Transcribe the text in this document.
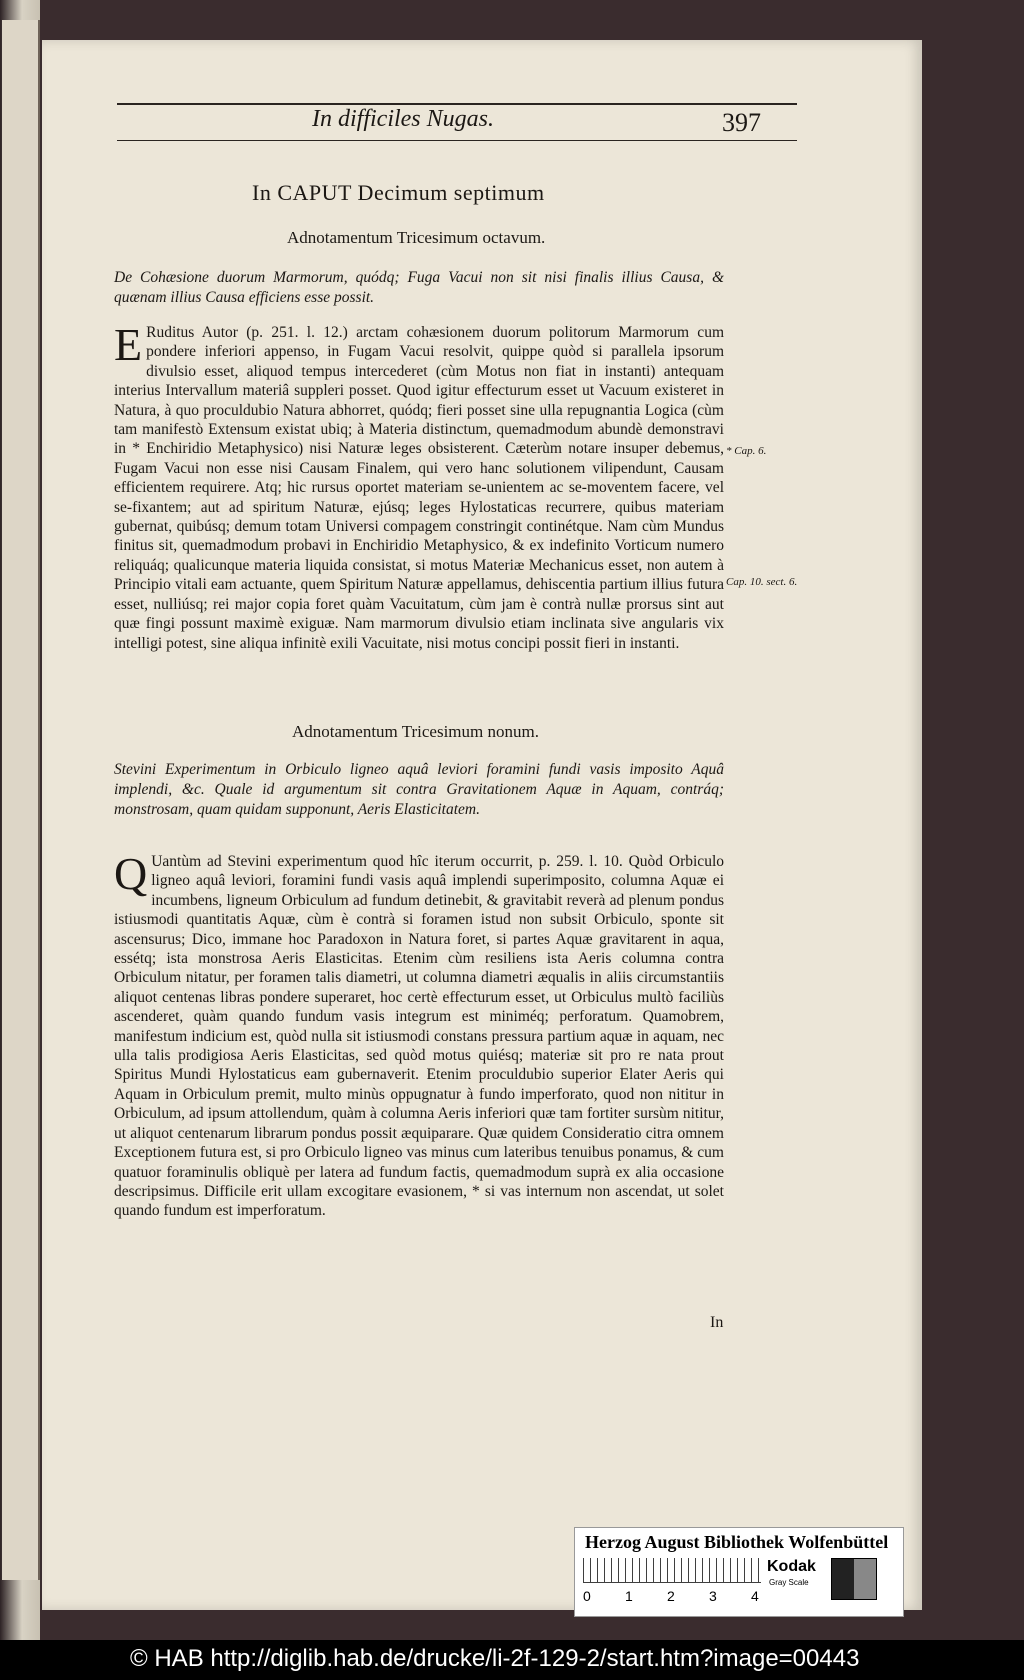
In difficiles Nugas.	397
In CAPUT Decimum septimum
Adnotamentum Tricesimum octavum.
De Cohæsione duorum Marmorum, quódq; Fuga Vacui non sit nisi finalis illius Causa, & quænam illius Causa efficiens esse possit.
E Ruditus Autor (p. 251. l. 12.) arctam cohæsionem duorum politorum Marmorum cum pondere inferiori appenso, in Fugam Vacui resolvit, quippe quòd si parallela ipsorum divulsio esset, aliquod tempus intercederet (cùm Motus non fiat in instanti) antequam interius Intervallum materiâ suppleri posset. Quod igitur effecturum esset ut Vacuum existeret in Natura, à quo proculdubio Natura abhorret, quódq; fieri posset sine ulla repugnantia Logica (cùm tam manifestò Extensum existat ubiq; à Materia distinctum, quemadmodum abundè demonstravi in * Enchiridio Metaphysico) nisi Naturæ leges obsisterent. Cæterùm notare insuper debemus, Fugam Vacui non esse nisi Causam Finalem, qui vero hanc solutionem vilipendunt, Causam efficientem requirere. Atq; hic rursus oportet materiam se-unientem ac se-moventem facere, vel se-fixantem; aut ad spiritum Naturæ, ejúsq; leges Hylostaticas recurrere, quibus materiam gubernat, quibúsq; demum totam Universi compagem constringit continétque. Nam cùm Mundus finitus sit, quemadmodum probavi in Enchiridio Metaphysico, & ex indefinito Vorticum numero reliquáq; qualicunque materia liquida consistat, si motus Materiæ Mechanicus esset, non autem à Principio vitali eam actuante, quem Spiritum Naturæ appellamus, dehiscentia partium illius futura esset, nulliúsq; rei major copia foret quàm Vacuitatum, cùm jam è contrà nullæ prorsus sint aut quæ fingi possunt maximè exiguæ. Nam marmorum divulsio etiam inclinata sive angularis vix intelligi potest, sine aliqua infinitè exili Vacuitate, nisi motus concipi possit fieri in instanti.
* Cap. 6.
Cap. 10. sect. 6.
Adnotamentum Tricesimum nonum.
Stevini Experimentum in Orbiculo ligneo aquâ leviori foramini fundi vasis imposito Aquâ implendi, &c. Quale id argumentum sit contra Gravitationem Aquæ in Aquam, contráq; monstrosam, quam quidam supponunt, Aeris Elasticitatem.
Q Uantùm ad Stevini experimentum quod hîc iterum occurrit, p. 259. l. 10. Quòd Orbiculo ligneo aquâ leviori, foramini fundi vasis aquâ implendi superimposito, columna Aquæ ei incumbens, ligneum Orbiculum ad fundum detinebit, & gravitabit reverà ad plenum pondus istiusmodi quantitatis Aquæ, cùm è contrà si foramen istud non subsit Orbiculo, sponte sit ascensurus; Dico, immane hoc Paradoxon in Natura foret, si partes Aquæ gravitarent in aqua, essétq; ista monstrosa Aeris Elasticitas. Etenim cùm resiliens ista Aeris columna contra Orbiculum nitatur, per foramen talis diametri, ut columna diametri æqualis in aliis circumstantiis aliquot centenas libras pondere superaret, hoc certè effecturum esset, ut Orbiculus multò faciliùs ascenderet, quàm quando fundum vasis integrum est miniméq; perforatum. Quamobrem, manifestum indicium est, quòd nulla sit istiusmodi constans pressura partium aquæ in aquam, nec ulla talis prodigiosa Aeris Elasticitas, sed quòd motus quiésq; materiæ sit pro re nata prout Spiritus Mundi Hylostaticus eam gubernaverit. Etenim proculdubio superior Elater Aeris qui Aquam in Orbiculum premit, multo minùs oppugnatur à fundo imperforato, quod non nititur in Orbiculum, ad ipsum attollendum, quàm à columna Aeris inferiori quæ tam fortiter sursùm nititur, ut aliquot centenarum librarum pondus possit æquiparare. Quæ quidem Consideratio citra omnem Exceptionem futura est, si pro Orbiculo ligneo vas minus cum lateribus tenuibus ponamus, & cum quatuor foraminulis obliquè per latera ad fundum factis, quemadmodum suprà ex alia occasione descripsimus. Difficile erit ullam excogitare evasionem, * si vas internum non ascendat, ut solet quando fundum est imperforatum.
In
Herzog August Bibliothek Wolfenbüttel
0 1 2 3 4
Kodak
Gray Scale
© HAB http://diglib.hab.de/drucke/li-2f-129-2/start.htm?image=00443
